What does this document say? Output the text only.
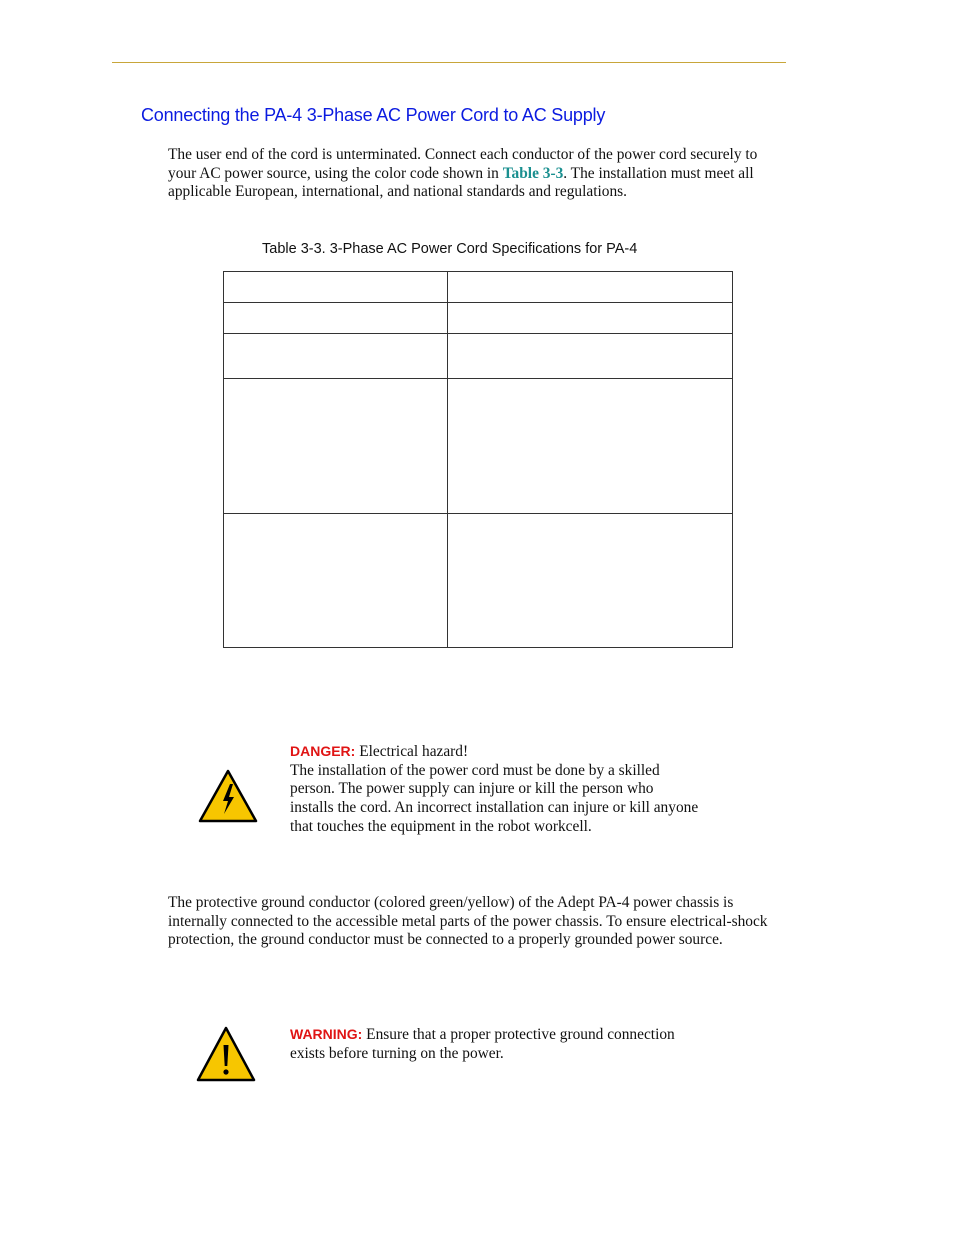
Connecting the PA-4 3-Phase AC Power Cord to AC Supply

The user end of the cord is unterminated. Connect each conductor of the power cord securely to your AC power source, using the color code shown in Table 3-3. The installation must meet all applicable European, international, and national standards and regulations.

Table 3-3. 3-Phase AC Power Cord Specifications for PA-4

DANGER: Electrical hazard!
The installation of the power cord must be done by a skilled person. The power supply can injure or kill the person who installs the cord. An incorrect installation can injure or kill anyone that touches the equipment in the robot workcell.

The protective ground conductor (colored green/yellow) of the Adept PA-4 power chassis is internally connected to the accessible metal parts of the power chassis. To ensure electrical-shock protection, the ground conductor must be connected to a properly grounded power source.

WARNING: Ensure that a proper protective ground connection exists before turning on the power.
